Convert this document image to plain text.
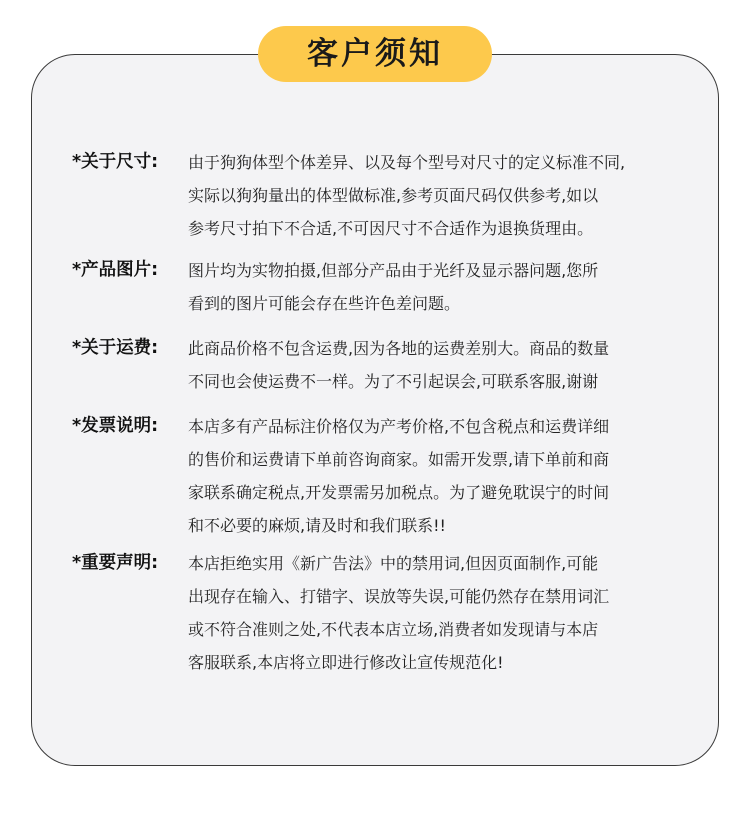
客户须知
*关于尺寸:	由于狗狗体型个体差异、以及每个型号对尺寸的定义标准不同,
实际以狗狗量出的体型做标准,参考页面尺码仅供参考,如以
参考尺寸拍下不合适,不可因尺寸不合适作为退换货理由。
*产品图片:	图片均为实物拍摄,但部分产品由于光纤及显示器问题,您所
看到的图片可能会存在些许色差问题。
*关于运费:	此商品价格不包含运费,因为各地的运费差别大。商品的数量
不同也会使运费不一样。为了不引起误会,可联系客服,谢谢
*发票说明:	本店多有产品标注价格仅为产考价格,不包含税点和运费详细
的售价和运费请下单前咨询商家。如需开发票,请下单前和商
家联系确定税点,开发票需另加税点。为了避免耽误宁的时间
和不必要的麻烦,请及时和我们联系!!
*重要声明:	本店拒绝实用《新广告法》中的禁用词,但因页面制作,可能
出现存在输入、打错字、误放等失误,可能仍然存在禁用词汇
或不符合准则之处,不代表本店立场,消费者如发现请与本店
客服联系,本店将立即进行修改让宣传规范化!
